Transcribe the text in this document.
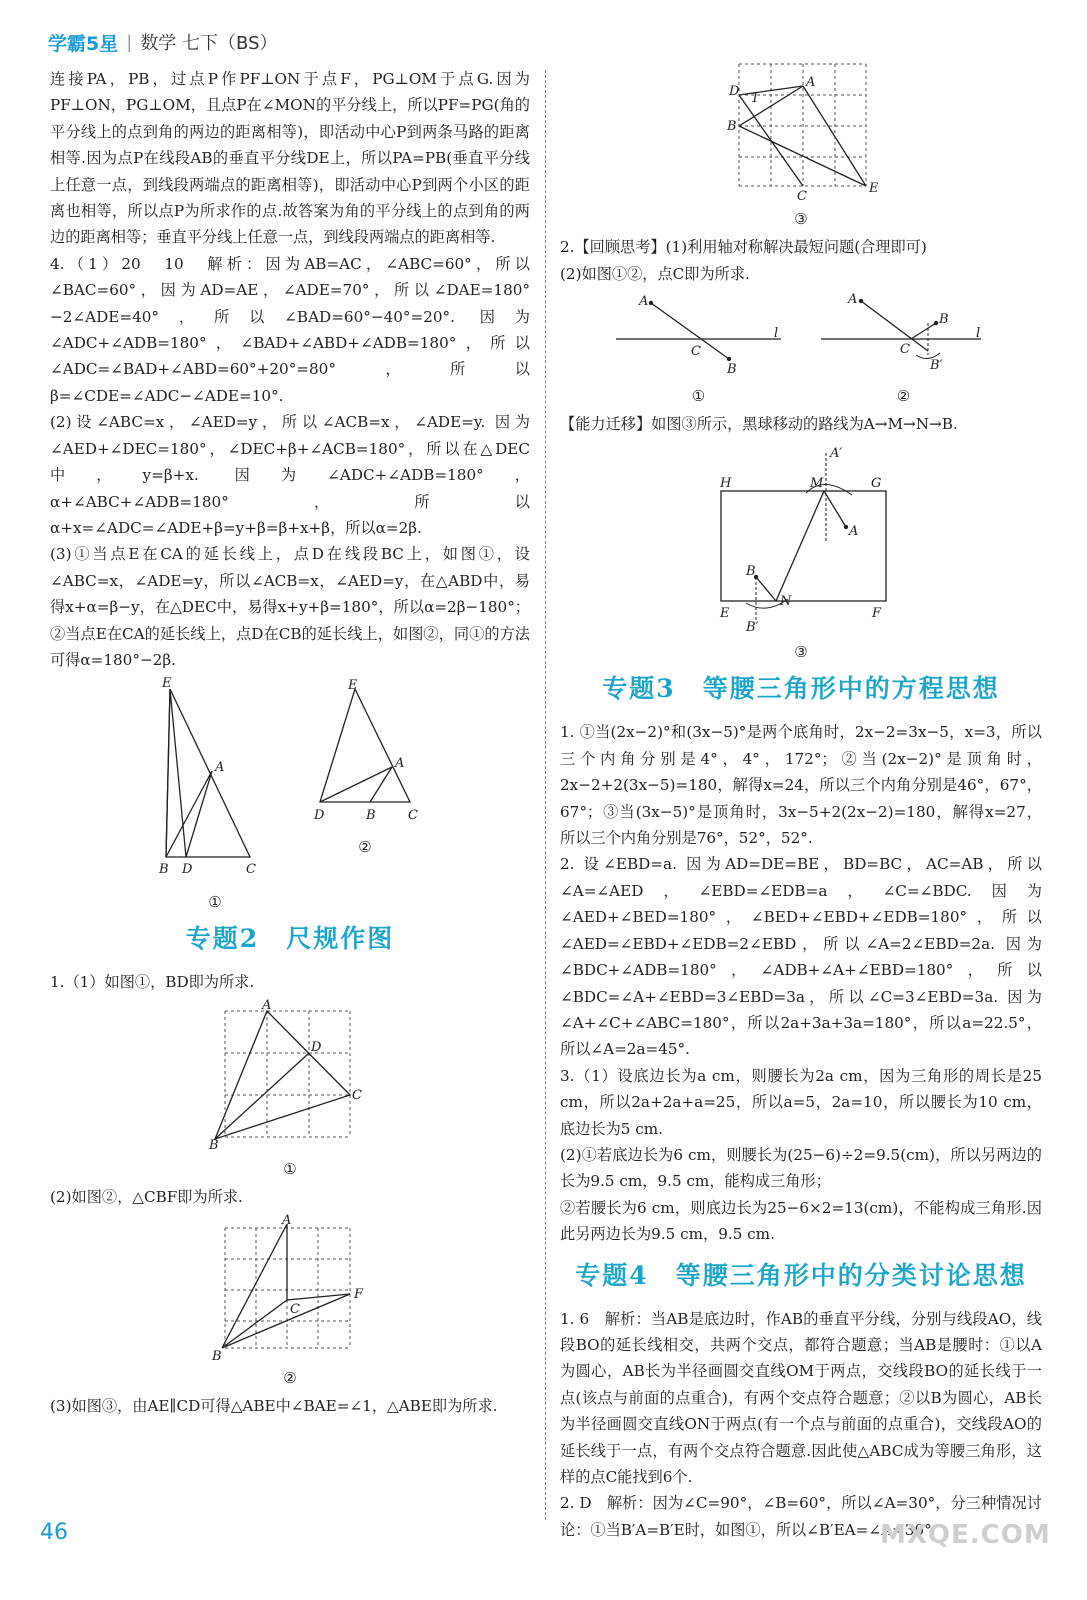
学霸5星 | 数学 七下（BS）

连接PA，PB，过点P作PF⊥ON于点F，PG⊥OM于点G.因为PF⊥ON，PG⊥OM，且点P在∠MON的平分线上，所以PF=PG(角的平分线上的点到角的两边的距离相等)，即活动中心P到两条马路的距离相等.因为点P在线段AB的垂直平分线DE上，所以PA=PB(垂直平分线上任意一点，到线段两端点的距离相等)，即活动中心P到两个小区的距离也相等，所以点P为所求作的点.故答案为角的平分线上的点到角的两边的距离相等；垂直平分线上任意一点，到线段两端点的距离相等.

4.（1）20　10　解析：因为AB=AC，∠ABC=60°，所以∠BAC=60°，因为AD=AE，∠ADE=70°，所以∠DAE=180°−2∠ADE=40°，所以∠BAD=60°−40°=20°. 因为∠ADC+∠ADB=180°，∠BAD+∠ABD+∠ADB=180°，所以∠ADC=∠BAD+∠ABD=60°+20°=80°，所以β=∠CDE=∠ADC−∠ADE=10°.

(2)设∠ABC=x，∠AED=y，所以∠ACB=x，∠ADE=y. 因为∠AED+∠DEC=180°，∠DEC+β+∠ACB=180°，所以在△DEC中，y=β+x. 因为∠ADC+∠ADB=180°，α+∠ABC+∠ADB=180°，所以α+x=∠ADC=∠ADE+β=y+β=β+x+β，所以α=2β.

(3)①当点E在CA的延长线上，点D在线段BC上，如图①，设∠ABC=x，∠ADE=y，所以∠ACB=x，∠AED=y，在△ABD中，易得x+α=β−y，在△DEC中，易得x+y+β=180°，所以α=2β−180°；②当点E在CA的延长线上，点D在CB的延长线上，如图②，同①的方法可得α=180°−2β.

E
A
B D	C
①
E
A
D	B C
②
专题2　尺规作图

1.（1）如图①，BD即为所求.

A
D
C
B
①

(2)如图②，△CBF即为所求.

A
C
F
B
②

(3)如图③，由AE∥CD可得△ABE中∠BAE=∠1，△ABE即为所求.

D 1
A
B
C
E
③

2.【回顾思考】(1)利用轴对称解决最短问题(合理即可)

(2)如图①②，点C即为所求.

A
C
B
l
①
A
B
C
B′
l
②

【能力迁移】如图③所示，黑球移动的路线为A→M→N→B.

A′
H	M	G
A
B
N
E	F
B′
③
专题3　等腰三角形中的方程思想

1. ①当(2x−2)°和(3x−5)°是两个底角时，2x−2=3x−5，x=3，所以三个内角分别是4°，4°，172°；②当(2x−2)°是顶角时，2x−2+2(3x−5)=180，解得x=24，所以三个内角分别是46°，67°，67°；③当(3x−5)°是顶角时，3x−5+2(2x−2)=180，解得x=27，所以三个内角分别是76°，52°，52°.

2. 设∠EBD=a. 因为AD=DE=BE，BD=BC，AC=AB，所以∠A=∠AED，∠EBD=∠EDB=a，∠C=∠BDC.因为∠AED+∠BED=180°，∠BED+∠EBD+∠EDB=180°，所以∠AED=∠EBD+∠EDB=2∠EBD，所以∠A=2∠EBD=2a. 因为∠BDC+∠ADB=180°，∠ADB+∠A+∠EBD=180°，所以∠BDC=∠A+∠EBD=3∠EBD=3a，所以∠C=3∠EBD=3a. 因为∠A+∠C+∠ABC=180°，所以2a+3a+3a=180°，所以a=22.5°，所以∠A=2a=45°.

3.（1）设底边长为a cm，则腰长为2a cm，因为三角形的周长是25 cm，所以2a+2a+a=25，所以a=5，2a=10，所以腰长为10 cm，底边长为5 cm.

(2)①若底边长为6 cm，则腰长为(25−6)÷2=9.5(cm)，所以另两边的长为9.5 cm，9.5 cm，能构成三角形；

②若腰长为6 cm，则底边长为25−6×2=13(cm)，不能构成三角形.因此另两边长为9.5 cm，9.5 cm.

专题4　等腰三角形中的分类讨论思想

1. 6　解析：当AB是底边时，作AB的垂直平分线，分别与线段AO，线段BO的延长线相交，共两个交点，都符合题意；当AB是腰时：①以A为圆心，AB长为半径画圆交直线OM于两点，交线段BO的延长线于一点(该点与前面的点重合)，有两个交点符合题意；②以B为圆心，AB长为半径画圆交直线ON于两点(有一个点与前面的点重合)，交线段AO的延长线于一点，有两个交点符合题意.因此使△ABC成为等腰三角形，这样的点C能找到6个.

2. D　解析：因为∠C=90°，∠B=60°，所以∠A=30°，分三种情况讨论：①当B′A=B′E时，如图①，所以∠B′EA=∠A=30°

46	MXQE.COM
